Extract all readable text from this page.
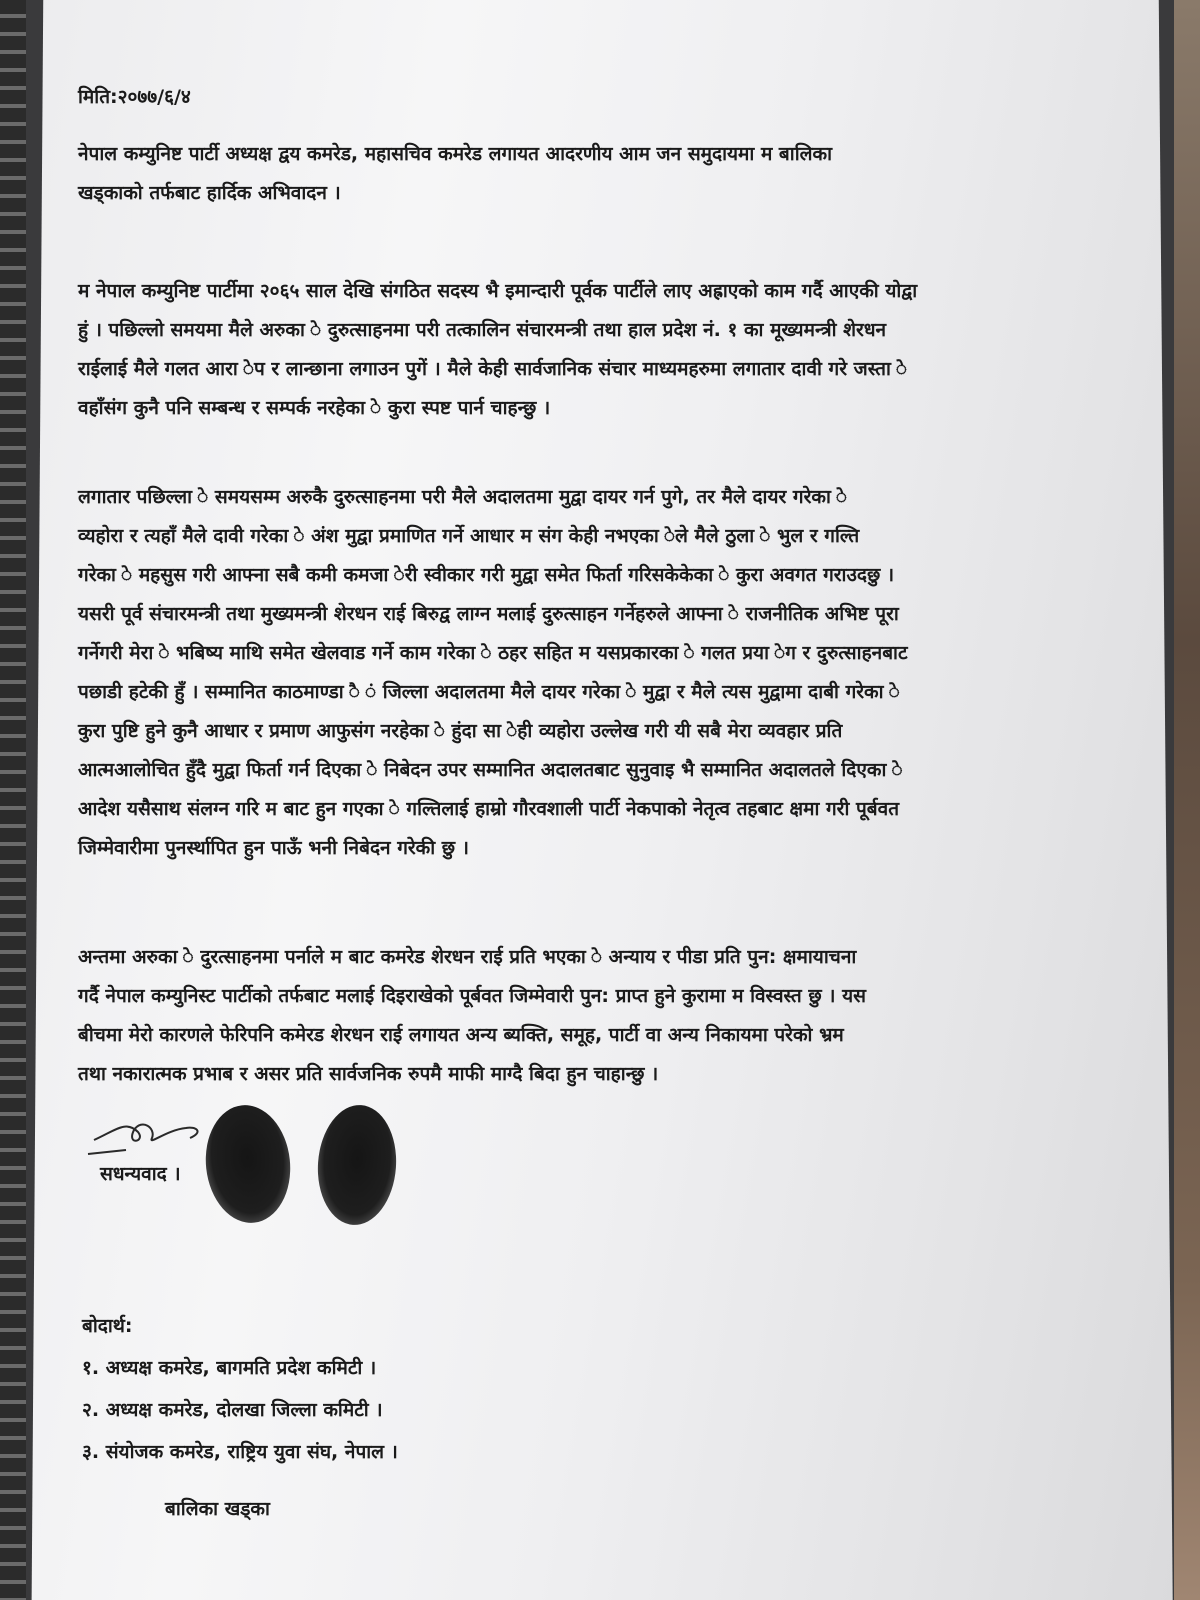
मिति:२०७७/६/४
नेपाल कम्युनिष्ट पार्टी अध्यक्ष द्वय कमरेड, महासचिव कमरेड लगायत आदरणीय आम जन समुदायमा म बालिका
खड्काको तर्फबाट हार्दिक अभिवादन ।
म नेपाल कम्युनिष्ट पार्टीमा २०६५ साल देखि संगठित सदस्य भै इमान्दारी पूर्वक पार्टीले लाए अह्राएको काम गर्दै आएकी योद्वा
हुं । पछिल्लो समयमा मैले अरुका े दुरुत्साहनमा परी तत्कालिन संचारमन्त्री तथा हाल प्रदेश नं. १ का मूख्यमन्त्री शेरधन
राईलाई मैले गलत आरा ेप र लान्छाना लगाउन पुगें । मैले केही सार्वजानिक संचार माध्यमहरुमा लगातार दावी गरे जस्ता े
वहाँसंग कुनै पनि सम्बन्ध र सम्पर्क नरहेका े कुरा स्पष्ट पार्न चाहन्छु ।
लगातार पछिल्ला े समयसम्म अरुकै दुरुत्साहनमा परी मैले अदालतमा मुद्वा दायर गर्न पुगे, तर मैले दायर गरेका े
व्यहोरा र त्यहाँ मैले दावी गरेका े अंश मुद्वा प्रमाणित गर्ने आधार म संग केही नभएका ेले मैले ठुला े भुल र गल्ति
गरेका े महसुस गरी आफ्ना सबै कमी कमजा ेरी स्वीकार गरी मुद्वा समेत फिर्ता गरिसकेकेका े कुरा अवगत गराउदछु ।
यसरी पूर्व संचारमन्त्री तथा मुख्यमन्त्री शेरधन राई बिरुद्व लाग्न मलाई दुरुत्साहन गर्नेहरुले आफ्ना े राजनीतिक अभिष्ट पूरा
गर्नेगरी मेरा े भबिष्य माथि समेत खेलवाड गर्ने काम गरेका े ठहर सहित म यसप्रकारका े गलत प्रया ेग र दुरुत्साहनबाट
पछाडी हटेकी हुँ । सम्मानित काठमाण्डा ै ं जिल्ला अदालतमा मैले दायर गरेका े मुद्वा र मैले त्यस मुद्वामा दाबी गरेका े
कुरा पुष्टि हुने कुनै आधार र प्रमाण आफुसंग नरहेका े हुंदा सा ेही व्यहोरा उल्लेख गरी यी सबै मेरा व्यवहार प्रति
आत्मआलोचित हुँदै मुद्वा फिर्ता गर्न दिएका े निबेदन उपर सम्मानित अदालतबाट सुनुवाइ भै सम्मानित अदालतले दिएका े
आदेश यसैसाथ संलग्न गरि म बाट हुन गएका े गल्तिलाई हाम्रो गौरवशाली पार्टी नेकपाको नेतृत्व तहबाट क्षमा गरी पूर्बवत
जिम्मेवारीमा पुनर्स्थापित हुन पाऊँ भनी निबेदन गरेकी छु ।
अन्तमा अरुका े दुरत्साहनमा पर्नाले म बाट कमरेड शेरधन राई प्रति भएका े अन्याय र पीडा प्रति पुन: क्षमायाचना
गर्दै नेपाल कम्युनिस्ट पार्टीको तर्फबाट मलाई दिइराखेको पूर्बवत जिम्मेवारी पुन: प्राप्त हुने कुरामा म विस्वस्त छु । यस
बीचमा मेरो कारणले फेरिपनि कमेरड शेरधन राई लगायत अन्य ब्यक्ति, समूह, पार्टी वा अन्य निकायमा परेको भ्रम
तथा नकारात्मक प्रभाब र असर प्रति सार्वजनिक रुपमै माफी माग्दै बिदा हुन चाहान्छु ।
सधन्यवाद ।
बोदार्थ:
१. अध्यक्ष कमरेड, बागमति प्रदेश कमिटी ।
२. अध्यक्ष कमरेड, दोलखा जिल्ला कमिटी ।
३. संयोजक कमरेड, राष्ट्रिय युवा संघ, नेपाल ।
बालिका खड्का
